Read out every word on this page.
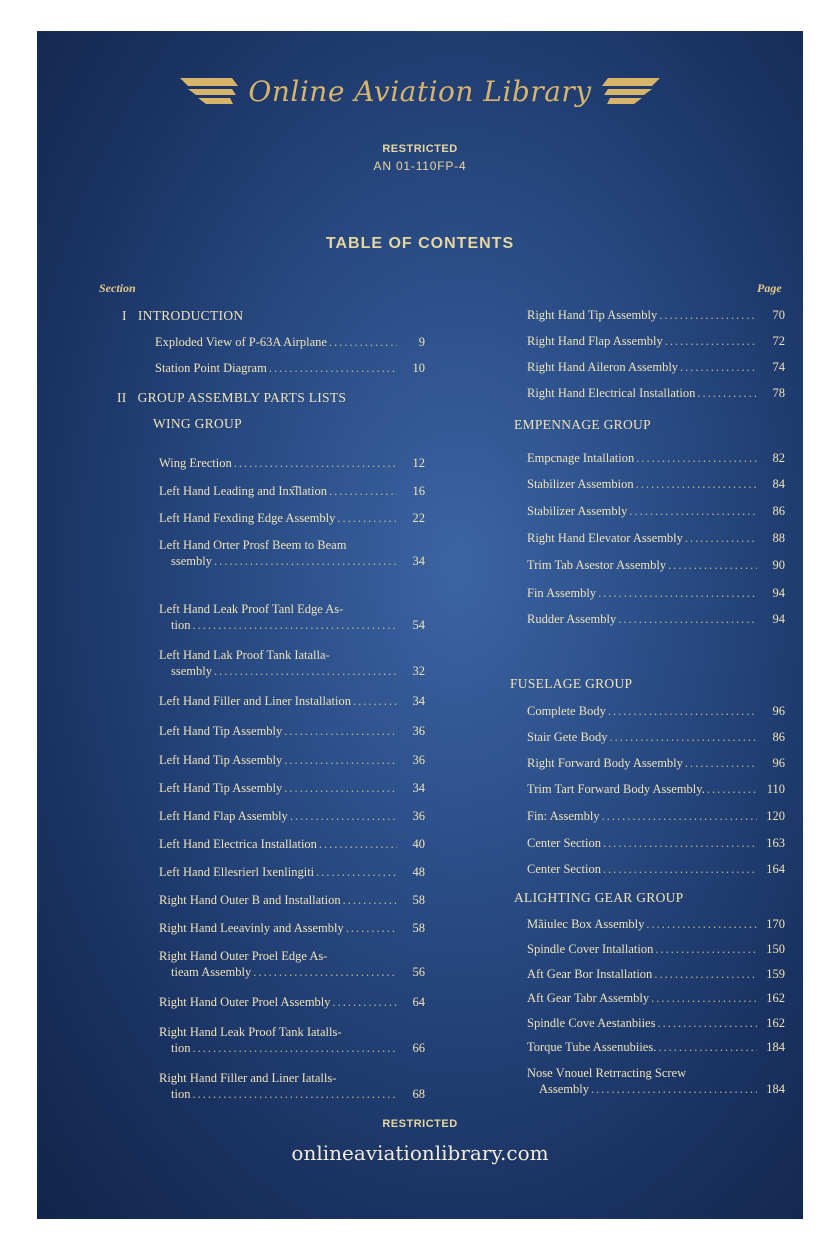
Online Aviation Library
RESTRICTED
AN 01-110FP-4
TABLE OF CONTENTS
Section	Page
I INTRODUCTION
Exploded View of P-63A Airplane .....	9
Station Point Diagram .....	10
II GROUP ASSEMBLY PARTS LISTS
WING GROUP
Wing Erection .....	12
Left Hand Leading and Inx͡llation .....	16
Left Hand Fexding Edge Assembly .....	22
Left Hand Orter Prosf Beem to Beam
ssembly .....	34
Left Hand Leak Proof Tanl Edge As-
tion .....	54
Left Hand Lak Proof Tank Iatalla-
ssembly .....	32
Left Hand Filler and Liner Installation .....	34
Left Hand Tip Assembly .....	36
Left Hand Tip Assembly .....	36
Left Hand Tip Assembly .....	34
Left Hand Flap Assembly .....	36
Left Hand Electrica Installation .....	40
Left Hand Ellesrierl Ixenlingiti .....	48
Right Hand Outer B and Installation .....	58
Right Hand Leeavinly and Assembly .....	58
Right Hand Outer Proel Edge As-
tieam Assembly .....	56
Right Hand Outer Proel Assembly .....	64
Right Hand Leak Proof Tank Iatalls-
tion .....	66
Right Hand Filler and Liner Iatalls-
tion .....	68
Right Hand Tip Assembly .....	70
Right Hand Flap Assembly .....	72
Right Hand Aileron Assembly .....	74
Right Hand Electrical Installation .....	78
EMPENNAGE GROUP
Empcnage Intallation .....	82
Stabilizer Assembion .....	84
Stabilizer Assembly .....	86
Right Hand Elevator Assembly .....	88
Trim Tab Asestor Assembly .....	90
Fin Assembly .....	94
Rudder Assembly .....	94
FUSELAGE GROUP
Complete Body .....	96
Stair Gete Body .....	86
Right Forward Body Assembly .....	96
Trim Tart Forward Body Assembly. .....	110
Fin: Assembly .....	120
Center Section .....	163
Center Section .....	164
ALIGHTING GEAR GROUP
Mãiulec Box Assembly .....	170
Spindle Cover Intallation .....	150
Aft Gear Bor Installation .....	159
Aft Gear Tabr Assembly .....	162
Spindle Cove Aestanbiies .....	162
Torque Tube Assenubiies. .....	184
Nose Vnouel Retrracting Screw
Assembly .....	184
RESTRICTED
onlineaviationlibrary.com
